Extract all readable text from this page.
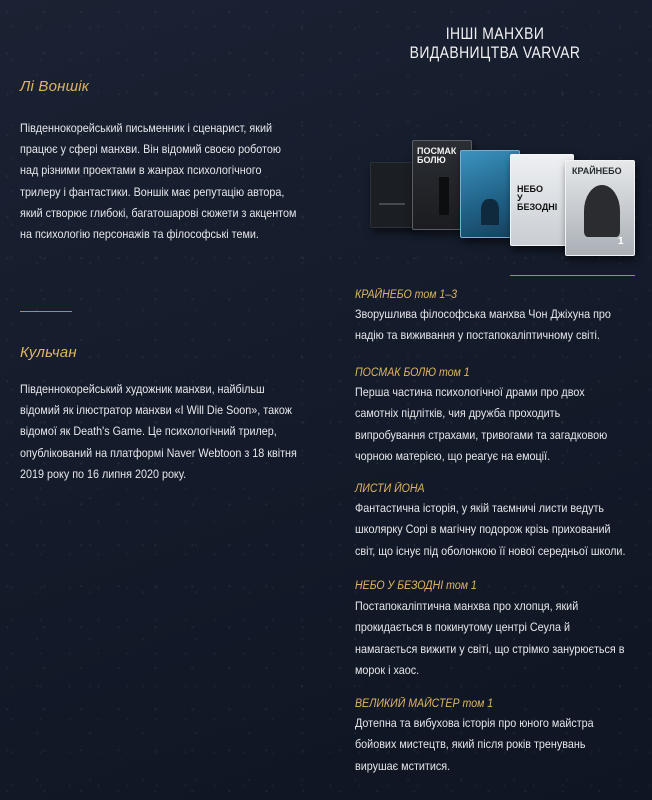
Лі Воншік
Південнокорейський письменник і сценарист, який працює у сфері манхви. Він відомий своєю роботою над різними проектами в жанрах психологічного трилеру і фантастики. Воншік має репутацію автора, який створює глибокі, багатошарові сюжети з акцентом на психологію персонажів та філософські теми.
Кульчан
Південнокорейський художник манхви, найбільш відомий як ілюстратор манхви «I Will Die Soon», також відомої як Death's Game. Це психологічний трилер, опублікований на платформі Naver Webtoon з 18 квітня 2019 року по 16 липня 2020 року.
ІНШІ МАНХВИ
ВИДАВНИЦТВА VARVAR
ПОСМАК БОЛЮ
НЕБО У БЕЗОДНІ
КРАЙНЕБО
1
КРАЙНЕБО том 1–3
Зворушлива філософська манхва Чон Джіхуна про надію та виживання у постапокаліптичному світі.
ПОСМАК БОЛЮ том 1
Перша частина психологічної драми про двох самотніх підлітків, чия дружба проходить випробування страхами, тривогами та загадковою чорною матерією, що реагує на емоції.
ЛИСТИ ЙОНА
Фантастична історія, у якій таємничі листи ведуть школярку Сорі в магічну подорож крізь прихований світ, що існує під оболонкою її нової середньої школи.
НЕБО У БЕЗОДНІ том 1
Постапокаліптична манхва про хлопця, який прокидається в покинутому центрі Сеула й намагається вижити у світі, що стрімко занурюється в морок і хаос.
ВЕЛИКИЙ МАЙСТЕР том 1
Дотепна та вибухова історія про юного майстра бойових мистецтв, який після років тренувань вирушає мститися.
